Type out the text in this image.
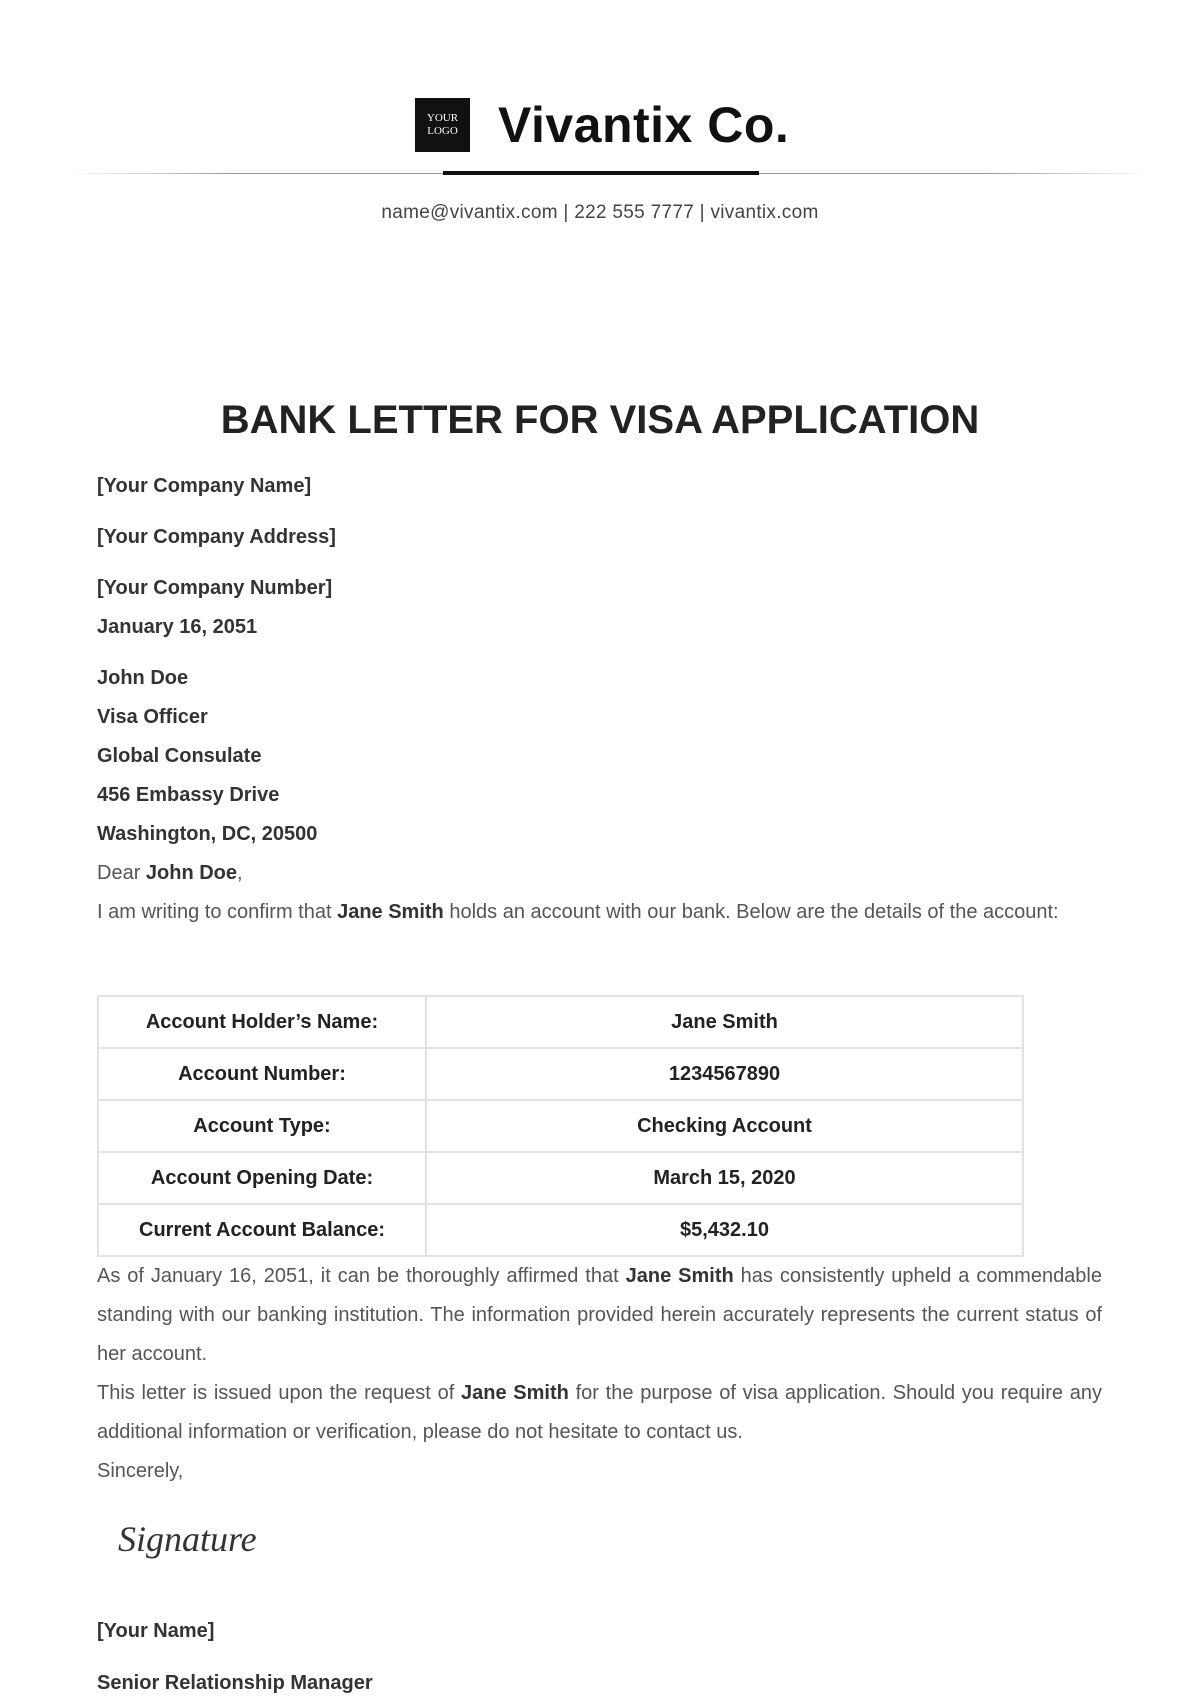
YOUR
LOGO Vivantix Co.
name@vivantix.com | 222 555 7777 | vivantix.com
BANK LETTER FOR VISA APPLICATION
[Your Company Name]
[Your Company Address]
[Your Company Number]
January 16, 2051
John Doe
Visa Officer
Global Consulate
456 Embassy Drive
Washington, DC, 20500
Dear John Doe,
I am writing to confirm that Jane Smith holds an account with our bank. Below are the details of the account:
Account Holder’s Name:	Jane Smith
Account Number:	1234567890
Account Type:	Checking Account
Account Opening Date:	March 15, 2020
Current Account Balance:	$5,432.10
As of January 16, 2051, it can be thoroughly affirmed that Jane Smith has consistently upheld a commendable standing with our banking institution. The information provided herein accurately represents the current status of her account.
This letter is issued upon the request of Jane Smith for the purpose of visa application. Should you require any additional information or verification, please do not hesitate to contact us.
Sincerely,
Signature
[Your Name]
Senior Relationship Manager
